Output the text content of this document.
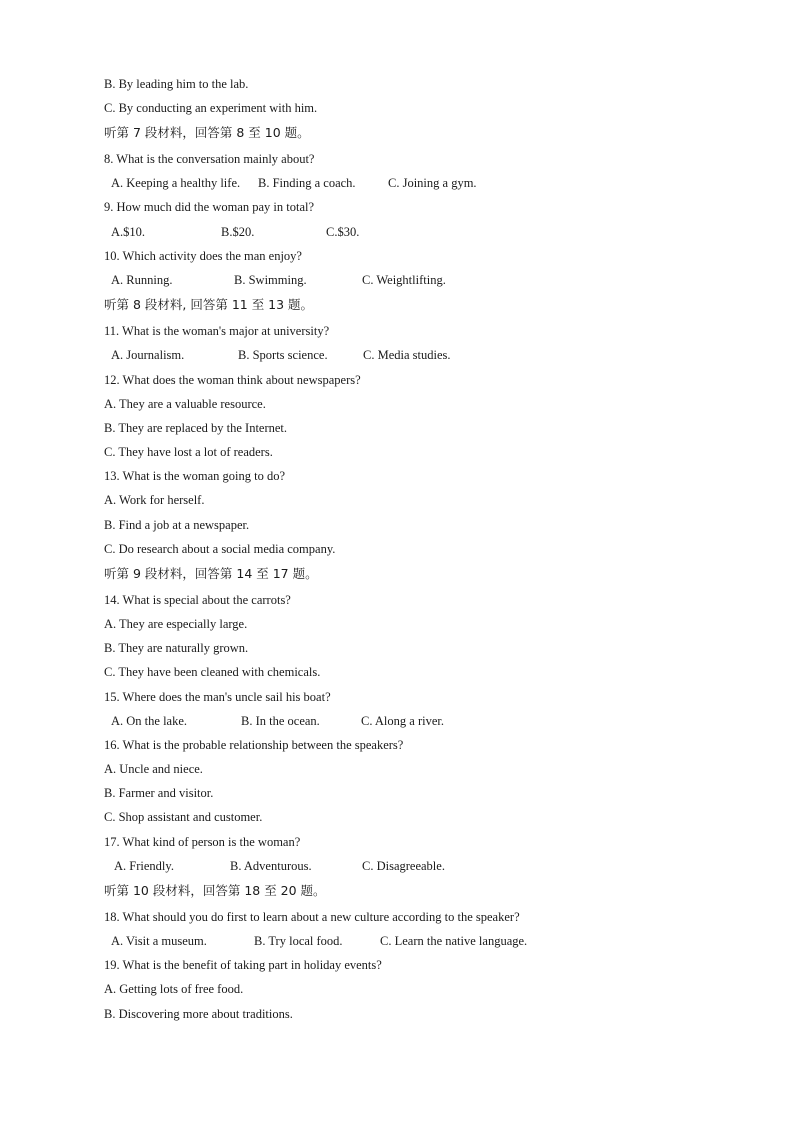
B. By leading him to the lab.
C. By conducting an experiment with him.
听第 7 段材料，回答第 8 至 10 题。
8. What is the conversation mainly about?
A. Keeping a healthy life. B. Finding a coach.	C. Joining a gym.
9. How much did the woman pay in total?
A.$10.	B.$20.	C.$30.
10. Which activity does the man enjoy?
A. Running.	B. Swimming.	C. Weightlifting.
听第 8 段材料, 回答第 11 至 13 题。
11. What is the woman's major at university?
A. Journalism.	B. Sports science.	C. Media studies.
12. What does the woman think about newspapers?
A. They are a valuable resource.
B. They are replaced by the Internet.
C. They have lost a lot of readers.
13. What is the woman going to do?
A. Work for herself.
B. Find a job at a newspaper.
C. Do research about a social media company.
听第 9 段材料，回答第 14 至 17 题。
14. What is special about the carrots?
A. They are especially large.
B. They are naturally grown.
C. They have been cleaned with chemicals.
15. Where does the man's uncle sail his boat?
A. On the lake.	B. In the ocean.	C. Along a river.
16. What is the probable relationship between the speakers?
A. Uncle and niece.
B. Farmer and visitor.
C. Shop assistant and customer.
17. What kind of person is the woman?
A. Friendly.	B. Adventurous.	C. Disagreeable.
听第 10 段材料，回答第 18 至 20 题。
18. What should you do first to learn about a new culture according to the speaker?
A. Visit a museum.	B. Try local food.	C. Learn the native language.
19. What is the benefit of taking part in holiday events?
A. Getting lots of free food.
B. Discovering more about traditions.
